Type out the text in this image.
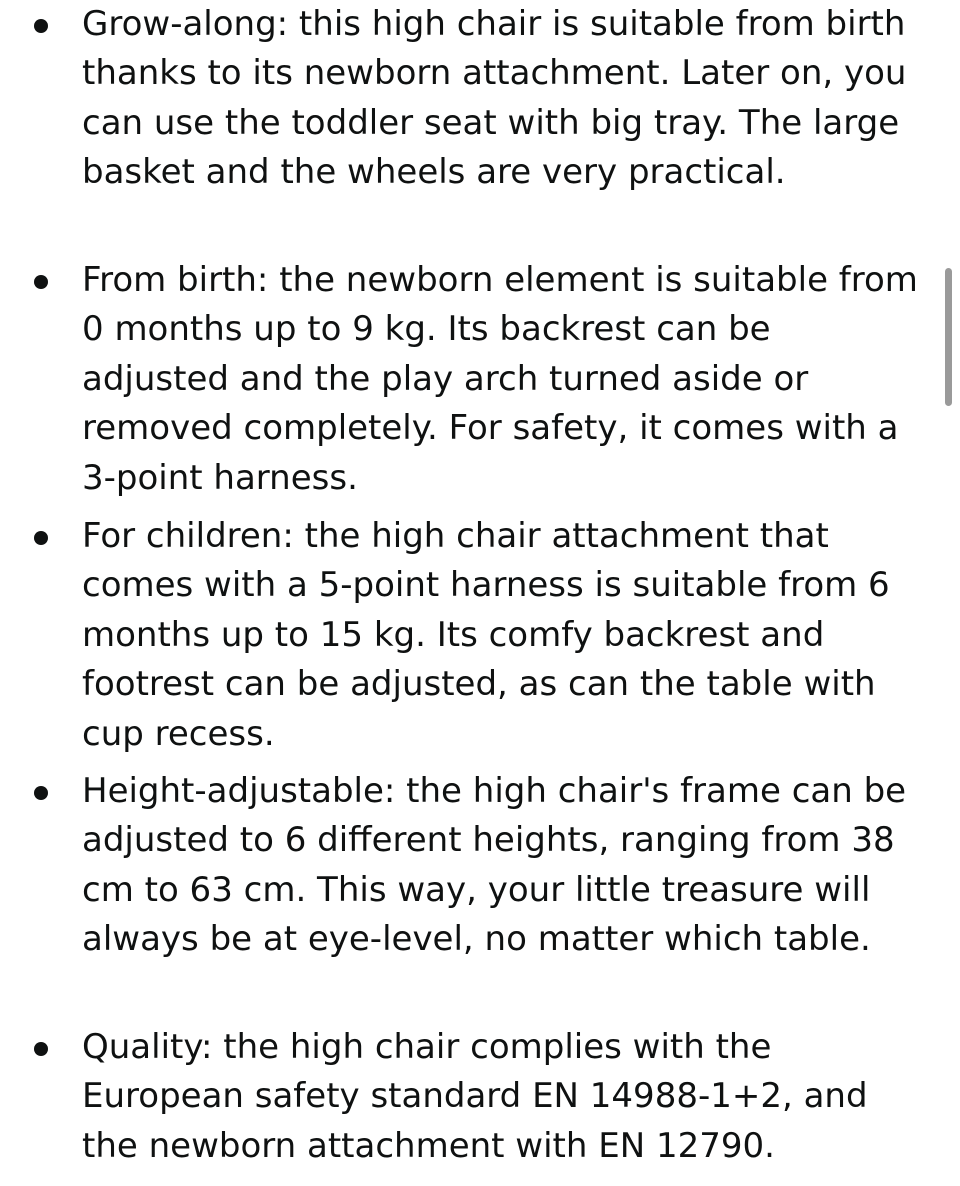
Grow-along: this high chair is suitable from birth thanks to its newborn attachment. Later on, you can use the toddler seat with big tray. The large basket and the wheels are very practical.
From birth: the newborn element is suitable from 0 months up to 9 kg. Its backrest can be adjusted and the play arch turned aside or removed completely. For safety, it comes with a 3-point harness.
For children: the high chair attachment that comes with a 5-point harness is suitable from 6 months up to 15 kg. Its comfy backrest and footrest can be adjusted, as can the table with cup recess.
Height-adjustable: the high chair's frame can be adjusted to 6 different heights, ranging from 38 cm to 63 cm. This way, your little treasure will always be at eye-level, no matter which table.
Quality: the high chair complies with the European safety standard EN 14988-1+2, and the newborn attachment with EN 12790.
